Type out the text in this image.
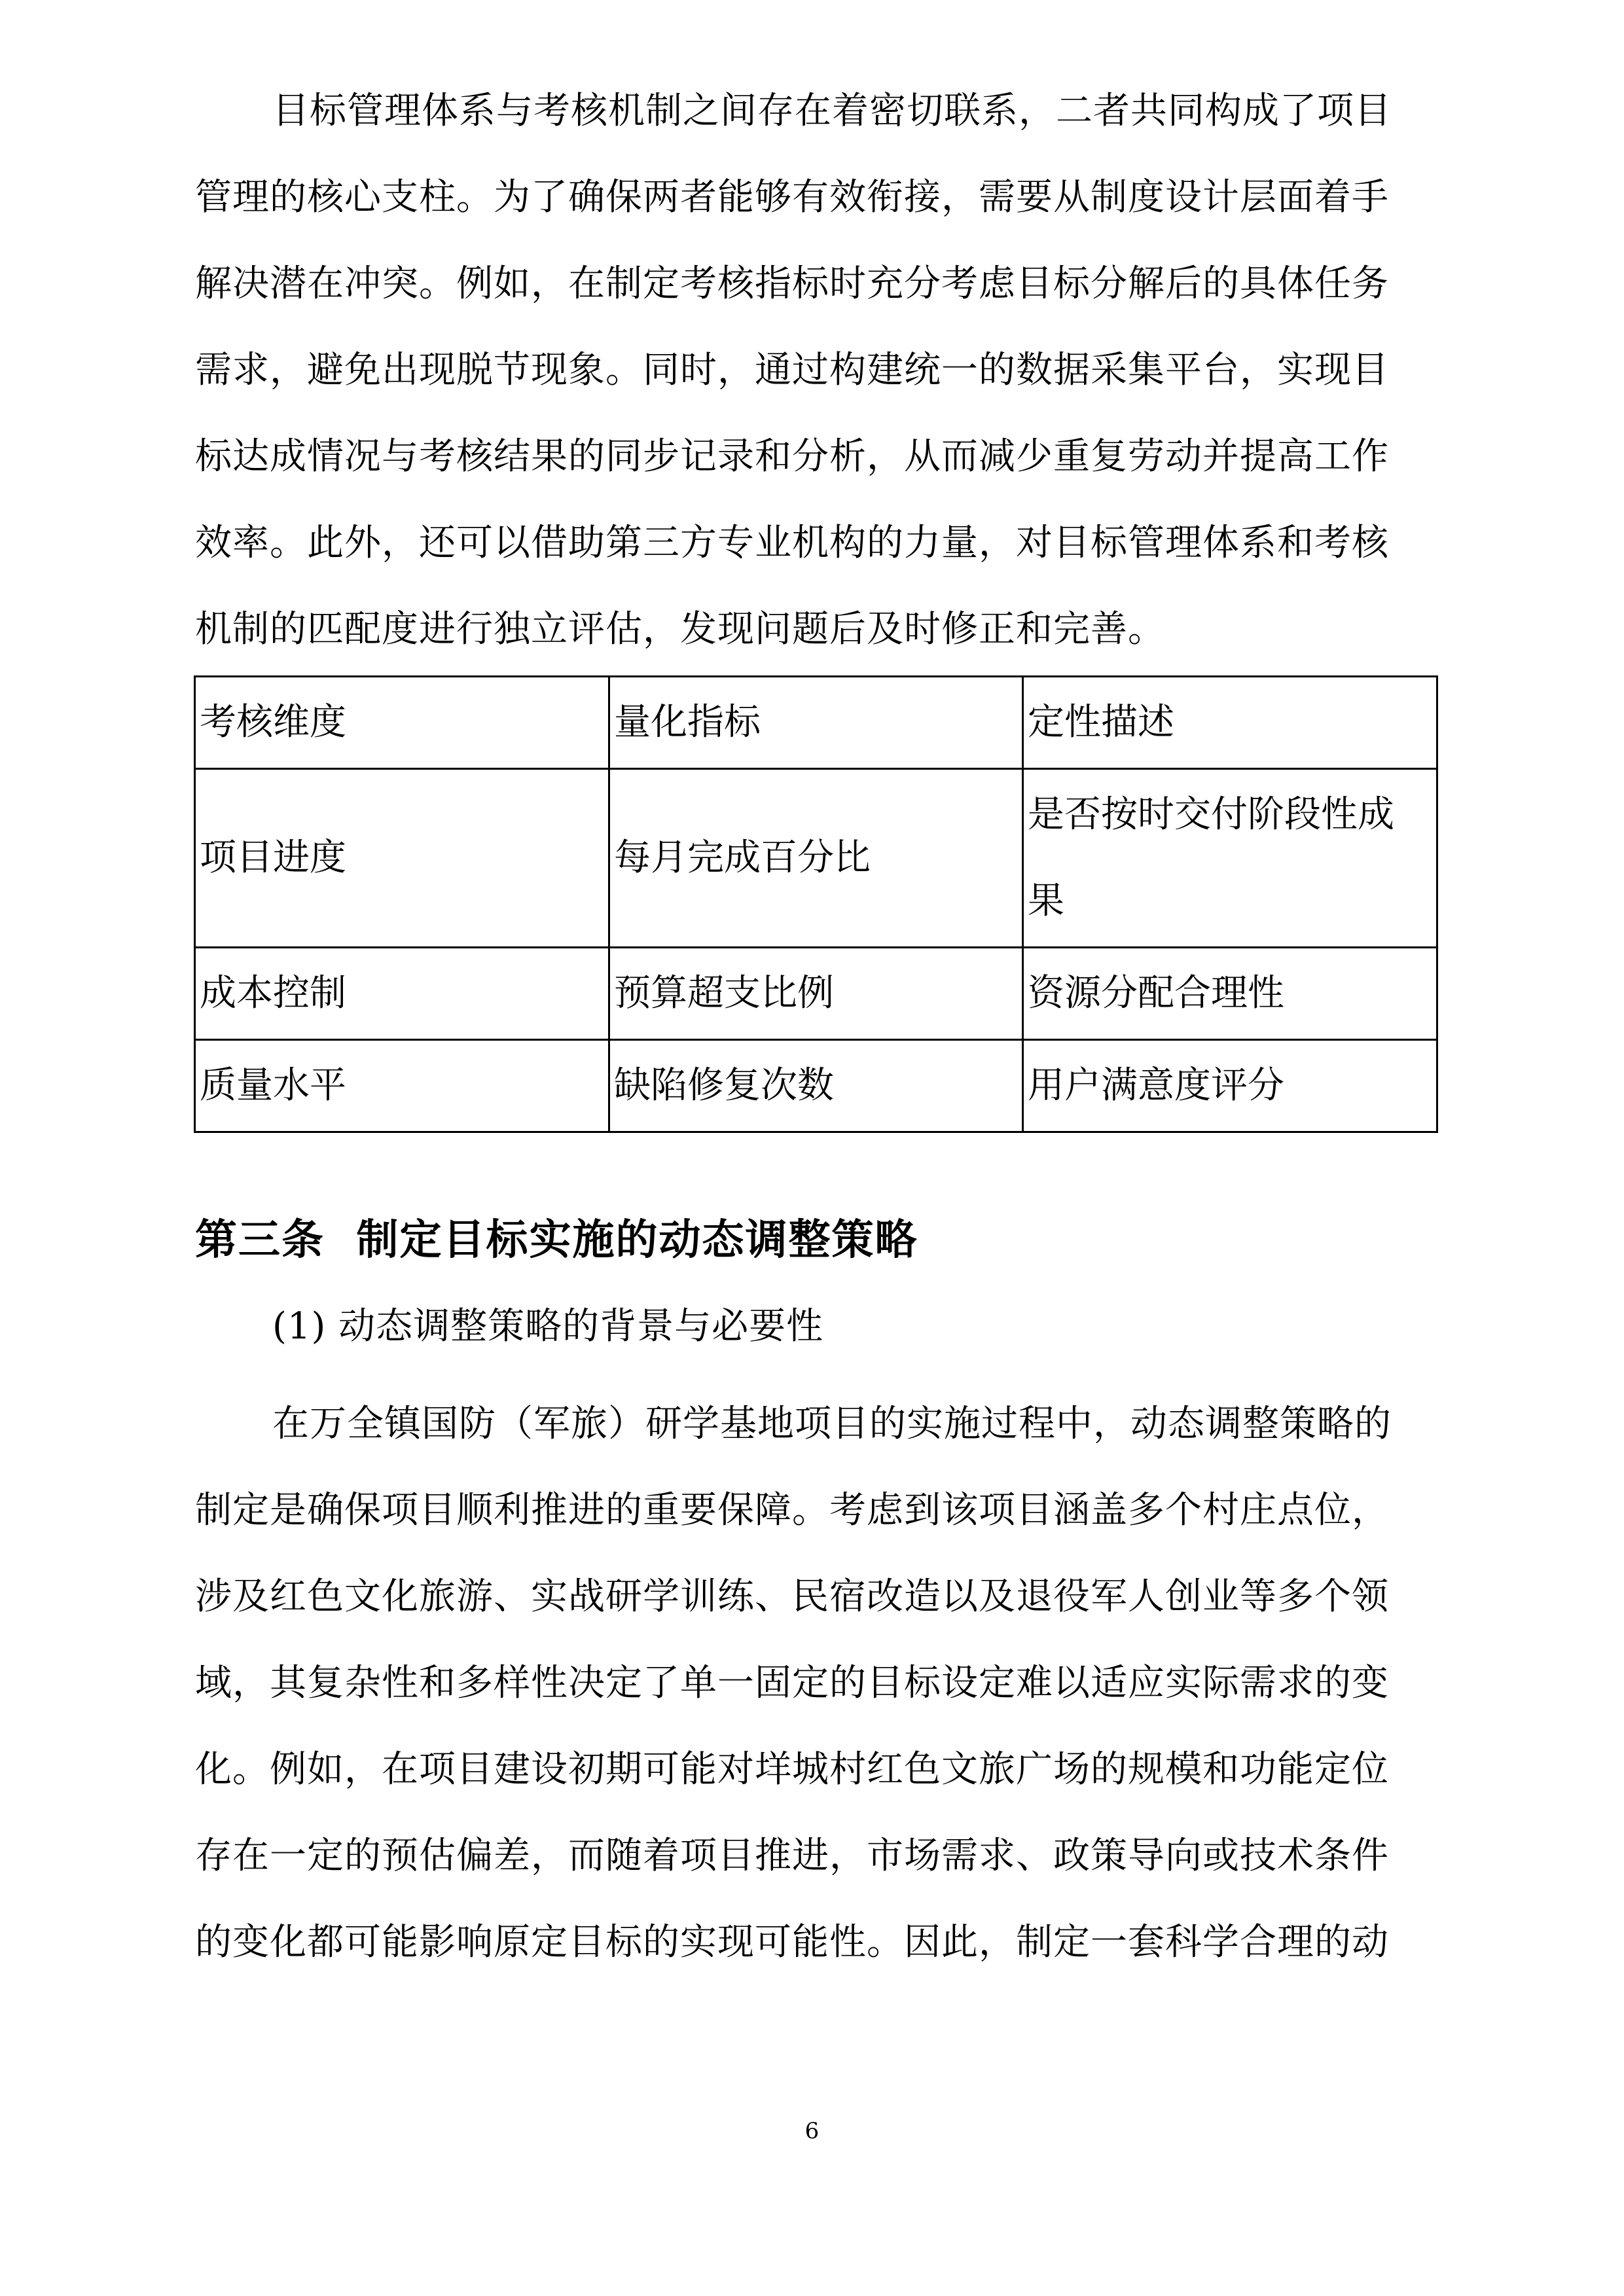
目标管理体系与考核机制之间存在着密切联系，二者共同构成了项目
管理的核心支柱。为了确保两者能够有效衔接，需要从制度设计层面着手
解决潜在冲突。例如，在制定考核指标时充分考虑目标分解后的具体任务
需求，避免出现脱节现象。同时，通过构建统一的数据采集平台，实现目
标达成情况与考核结果的同步记录和分析，从而减少重复劳动并提高工作
效率。此外，还可以借助第三方专业机构的力量，对目标管理体系和考核
机制的匹配度进行独立评估，发现问题后及时修正和完善。
考核维度	量化指标	定性描述
项目进度	每月完成百分比	是否按时交付阶段性成
果

成本控制	预算超支比例	资源分配合理性
质量水平	缺陷修复次数	用户满意度评分
第三条  制定目标实施的动态调整策略

(1) 动态调整策略的背景与必要性

在万全镇国防（军旅）研学基地项目的实施过程中，动态调整策略的
制定是确保项目顺利推进的重要保障。考虑到该项目涵盖多个村庄点位，
涉及红色文化旅游、实战研学训练、民宿改造以及退役军人创业等多个领
域，其复杂性和多样性决定了单一固定的目标设定难以适应实际需求的变
化。例如，在项目建设初期可能对垟城村红色文旅广场的规模和功能定位
存在一定的预估偏差，而随着项目推进，市场需求、政策导向或技术条件
的变化都可能影响原定目标的实现可能性。因此，制定一套科学合理的动
6
